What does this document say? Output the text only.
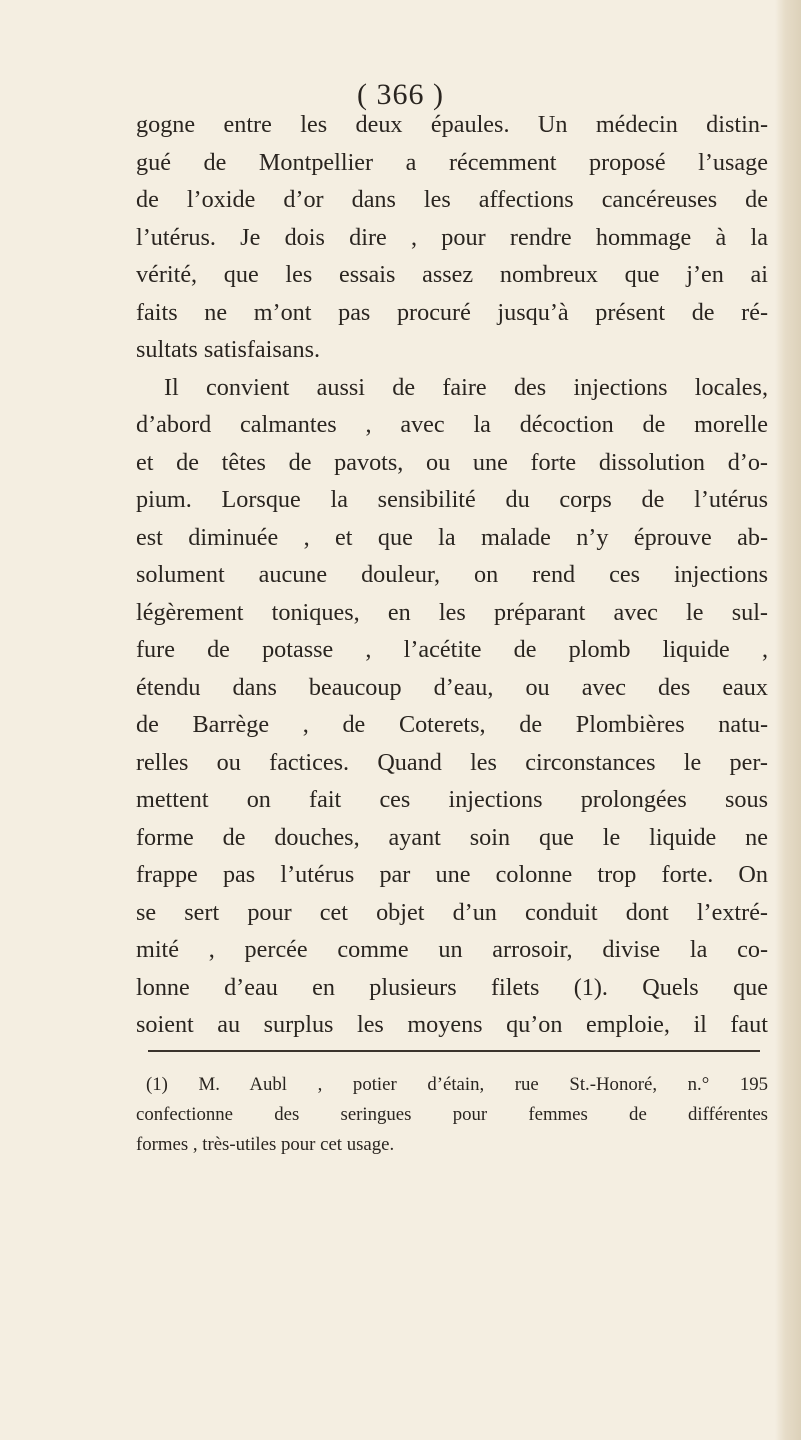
( 366 )
gogne entre les deux épaules. Un médecin distin-
gué de Montpellier a récemment proposé l’usage
de l’oxide d’or dans les affections cancéreuses de
l’utérus. Je dois dire , pour rendre hommage à la
vérité, que les essais assez nombreux que j’en ai
faits ne m’ont pas procuré jusqu’à présent de ré-
sultats satisfaisans.
Il convient aussi de faire des injections locales,
d’abord calmantes , avec la décoction de morelle
et de têtes de pavots, ou une forte dissolution d’o-
pium. Lorsque la sensibilité du corps de l’utérus
est diminuée , et que la malade n’y éprouve ab-
solument aucune douleur, on rend ces injections
légèrement toniques, en les préparant avec le sul-
fure de potasse , l’acétite de plomb liquide ,
étendu dans beaucoup d’eau, ou avec des eaux
de Barrège , de Coterets, de Plombières natu-
relles ou factices. Quand les circonstances le per-
mettent on fait ces injections prolongées sous
forme de douches, ayant soin que le liquide ne
frappe pas l’utérus par une colonne trop forte. On
se sert pour cet objet d’un conduit dont l’extré-
mité , percée comme un arrosoir, divise la co-
lonne d’eau en plusieurs filets (1). Quels que
soient au surplus les moyens qu’on emploie, il faut
(1) M. Aubl , potier d’étain, rue St.-Honoré, n.° 195
confectionne des seringues pour femmes de différentes
formes , très-utiles pour cet usage.
